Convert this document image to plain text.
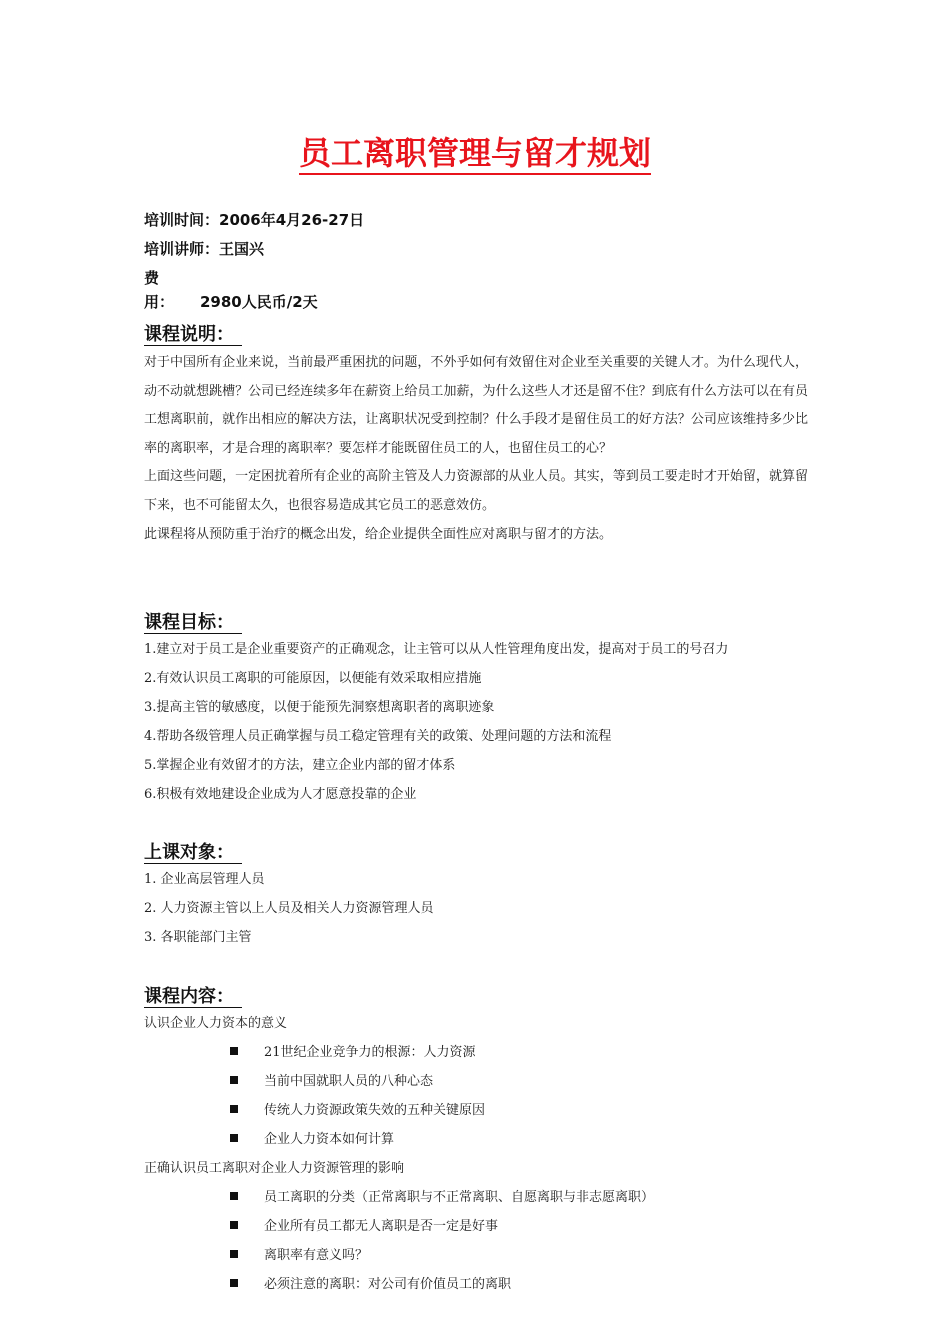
员工离职管理与留才规划
培训时间：2006年4月26-27日
培训讲师：王国兴
费　 用： 2980人民币/2天
课程说明：
对于中国所有企业来说，当前最严重困扰的问题，不外乎如何有效留住对企业至关重要的关键人才。为什么现代人，动不动就想跳槽？公司已经连续多年在薪资上给员工加薪，为什么这些人才还是留不住？到底有什么方法可以在有员工想离职前，就作出相应的解决方法，让离职状况受到控制？什么手段才是留住员工的好方法？公司应该维持多少比率的离职率，才是合理的离职率？要怎样才能既留住员工的人，也留住员工的心？
上面这些问题，一定困扰着所有企业的高阶主管及人力资源部的从业人员。其实，等到员工要走时才开始留，就算留下来，也不可能留太久，也很容易造成其它员工的恶意效仿。
此课程将从预防重于治疗的概念出发，给企业提供全面性应对离职与留才的方法。
课程目标：
1.建立对于员工是企业重要资产的正确观念，让主管可以从人性管理角度出发，提高对于员工的号召力
2.有效认识员工离职的可能原因，以便能有效采取相应措施
3.提高主管的敏感度，以便于能预先洞察想离职者的离职迹象
4.帮助各级管理人员正确掌握与员工稳定管理有关的政策、处理问题的方法和流程
5.掌握企业有效留才的方法，建立企业内部的留才体系
6.积极有效地建设企业成为人才愿意投靠的企业
上课对象：
1. 企业高层管理人员
2. 人力资源主管以上人员及相关人力资源管理人员
3. 各职能部门主管
课程内容：
认识企业人力资本的意义
21世纪企业竞争力的根源：人力资源
当前中国就职人员的八种心态
传统人力资源政策失效的五种关键原因
企业人力资本如何计算
正确认识员工离职对企业人力资源管理的影响
员工离职的分类（正常离职与不正常离职、自愿离职与非志愿离职）
企业所有员工都无人离职是否一定是好事
离职率有意义吗？
必须注意的离职：对公司有价值员工的离职
